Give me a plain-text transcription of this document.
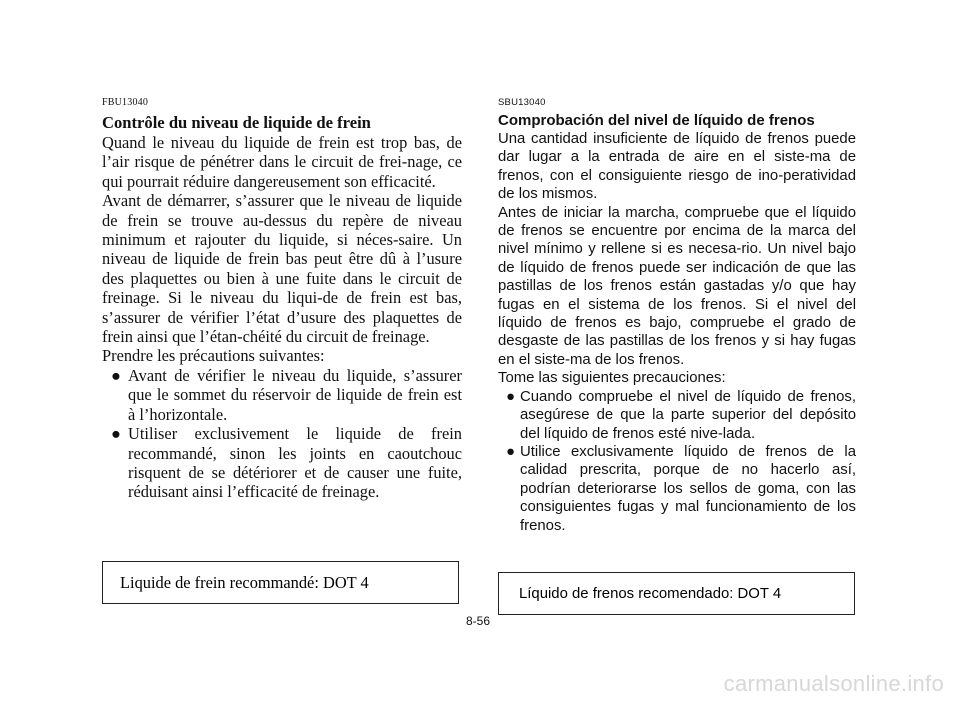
FBU13040
Contrôle du niveau de liquide de frein

Quand le niveau du liquide de frein est trop bas, de l’air risque de pénétrer dans le circuit de frei-nage, ce qui pourrait réduire dangereusement son efficacité.

Avant de démarrer, s’assurer que le niveau de liquide de frein se trouve au-dessus du repère de niveau minimum et rajouter du liquide, si néces-saire. Un niveau de liquide de frein bas peut être dû à l’usure des plaquettes ou bien à une fuite dans le circuit de freinage. Si le niveau du liqui-de de frein est bas, s’assurer de vérifier l’état d’usure des plaquettes de frein ainsi que l’étan-chéité du circuit de freinage.

Prendre les précautions suivantes:

● Avant de vérifier le niveau du liquide, s’assurer que le sommet du réservoir de liquide de frein est à l’horizontale.
● Utiliser exclusivement le liquide de frein recommandé, sinon les joints en caoutchouc risquent de se détériorer et de causer une fuite, réduisant ainsi l’efficacité de freinage.
Liquide de frein recommandé: DOT 4
SBU13040
Comprobación del nivel de líquido de frenos

Una cantidad insuficiente de líquido de frenos puede dar lugar a la entrada de aire en el siste-ma de frenos, con el consiguiente riesgo de ino-peratividad de los mismos.

Antes de iniciar la marcha, compruebe que el líquido de frenos se encuentre por encima de la marca del nivel mínimo y rellene si es necesa-rio. Un nivel bajo de líquido de frenos puede ser indicación de que las pastillas de los frenos están gastadas y/o que hay fugas en el sistema de los frenos. Si el nivel del líquido de frenos es bajo, compruebe el grado de desgaste de las pastillas de los frenos y si hay fugas en el siste-ma de los frenos.

Tome las siguientes precauciones:

● Cuando compruebe el nivel de líquido de frenos, asegúrese de que la parte superior del depósito del líquido de frenos esté nive-lada.
● Utilice exclusivamente líquido de frenos de la calidad prescrita, porque de no hacerlo así, podrían deteriorarse los sellos de goma, con las consiguientes fugas y mal funcionamiento de los frenos.
Líquido de frenos recomendado: DOT 4
8-56
carmanualsonline.info
